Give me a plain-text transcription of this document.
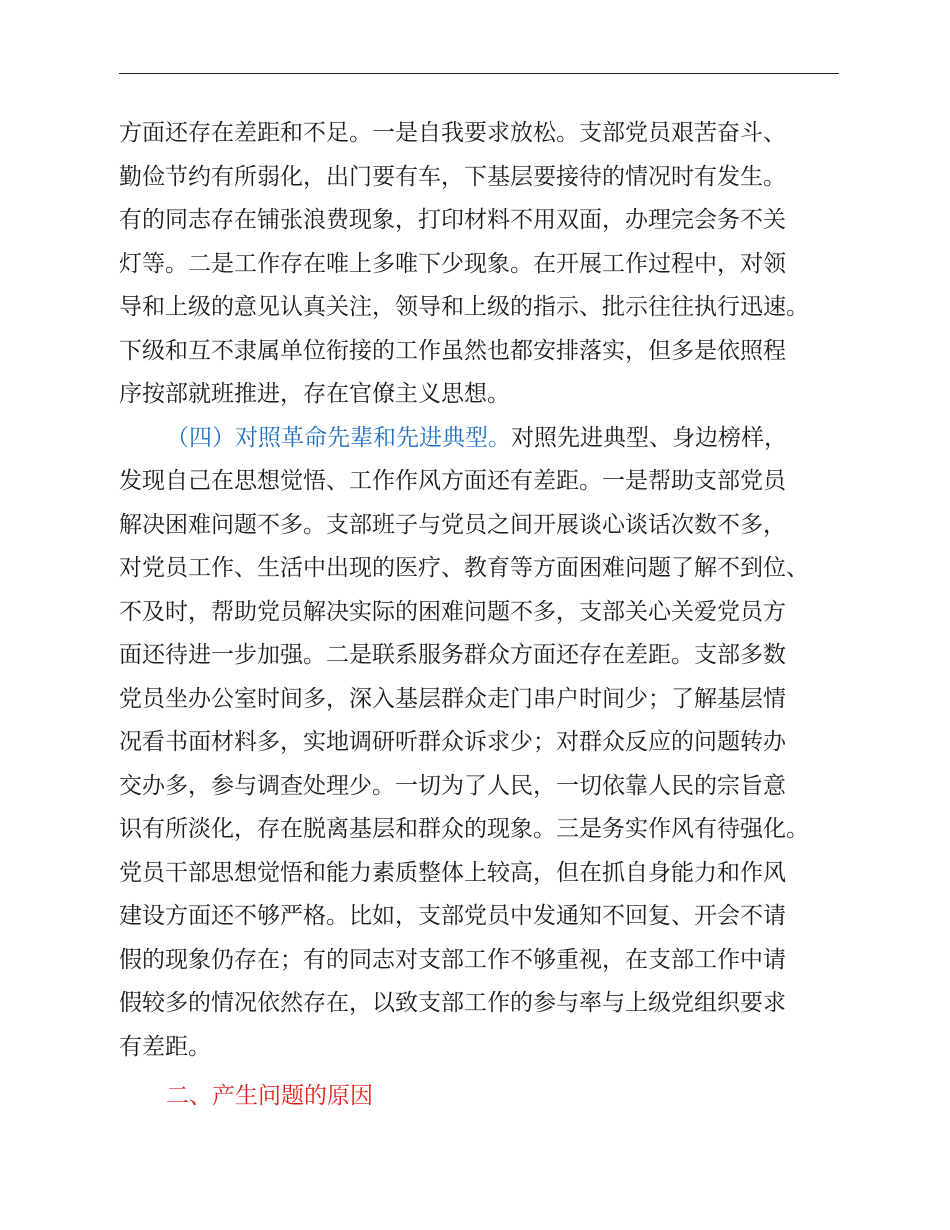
方面还存在差距和不足。一是自我要求放松。支部党员艰苦奋斗、
勤俭节约有所弱化，出门要有车，下基层要接待的情况时有发生。
有的同志存在铺张浪费现象，打印材料不用双面，办理完会务不关
灯等。二是工作存在唯上多唯下少现象。在开展工作过程中，对领
导和上级的意见认真关注，领导和上级的指示、批示往往执行迅速。
下级和互不隶属单位衔接的工作虽然也都安排落实，但多是依照程
序按部就班推进，存在官僚主义思想。
（四）对照革命先辈和先进典型。对照先进典型、身边榜样，
发现自己在思想觉悟、工作作风方面还有差距。一是帮助支部党员
解决困难问题不多。支部班子与党员之间开展谈心谈话次数不多，
对党员工作、生活中出现的医疗、教育等方面困难问题了解不到位、
不及时，帮助党员解决实际的困难问题不多，支部关心关爱党员方
面还待进一步加强。二是联系服务群众方面还存在差距。支部多数
党员坐办公室时间多，深入基层群众走门串户时间少；了解基层情
况看书面材料多，实地调研听群众诉求少；对群众反应的问题转办
交办多，参与调查处理少。一切为了人民，一切依靠人民的宗旨意
识有所淡化，存在脱离基层和群众的现象。三是务实作风有待强化。
党员干部思想觉悟和能力素质整体上较高，但在抓自身能力和作风
建设方面还不够严格。比如，支部党员中发通知不回复、开会不请
假的现象仍存在；有的同志对支部工作不够重视，在支部工作中请
假较多的情况依然存在，以致支部工作的参与率与上级党组织要求
有差距。
二、产生问题的原因
